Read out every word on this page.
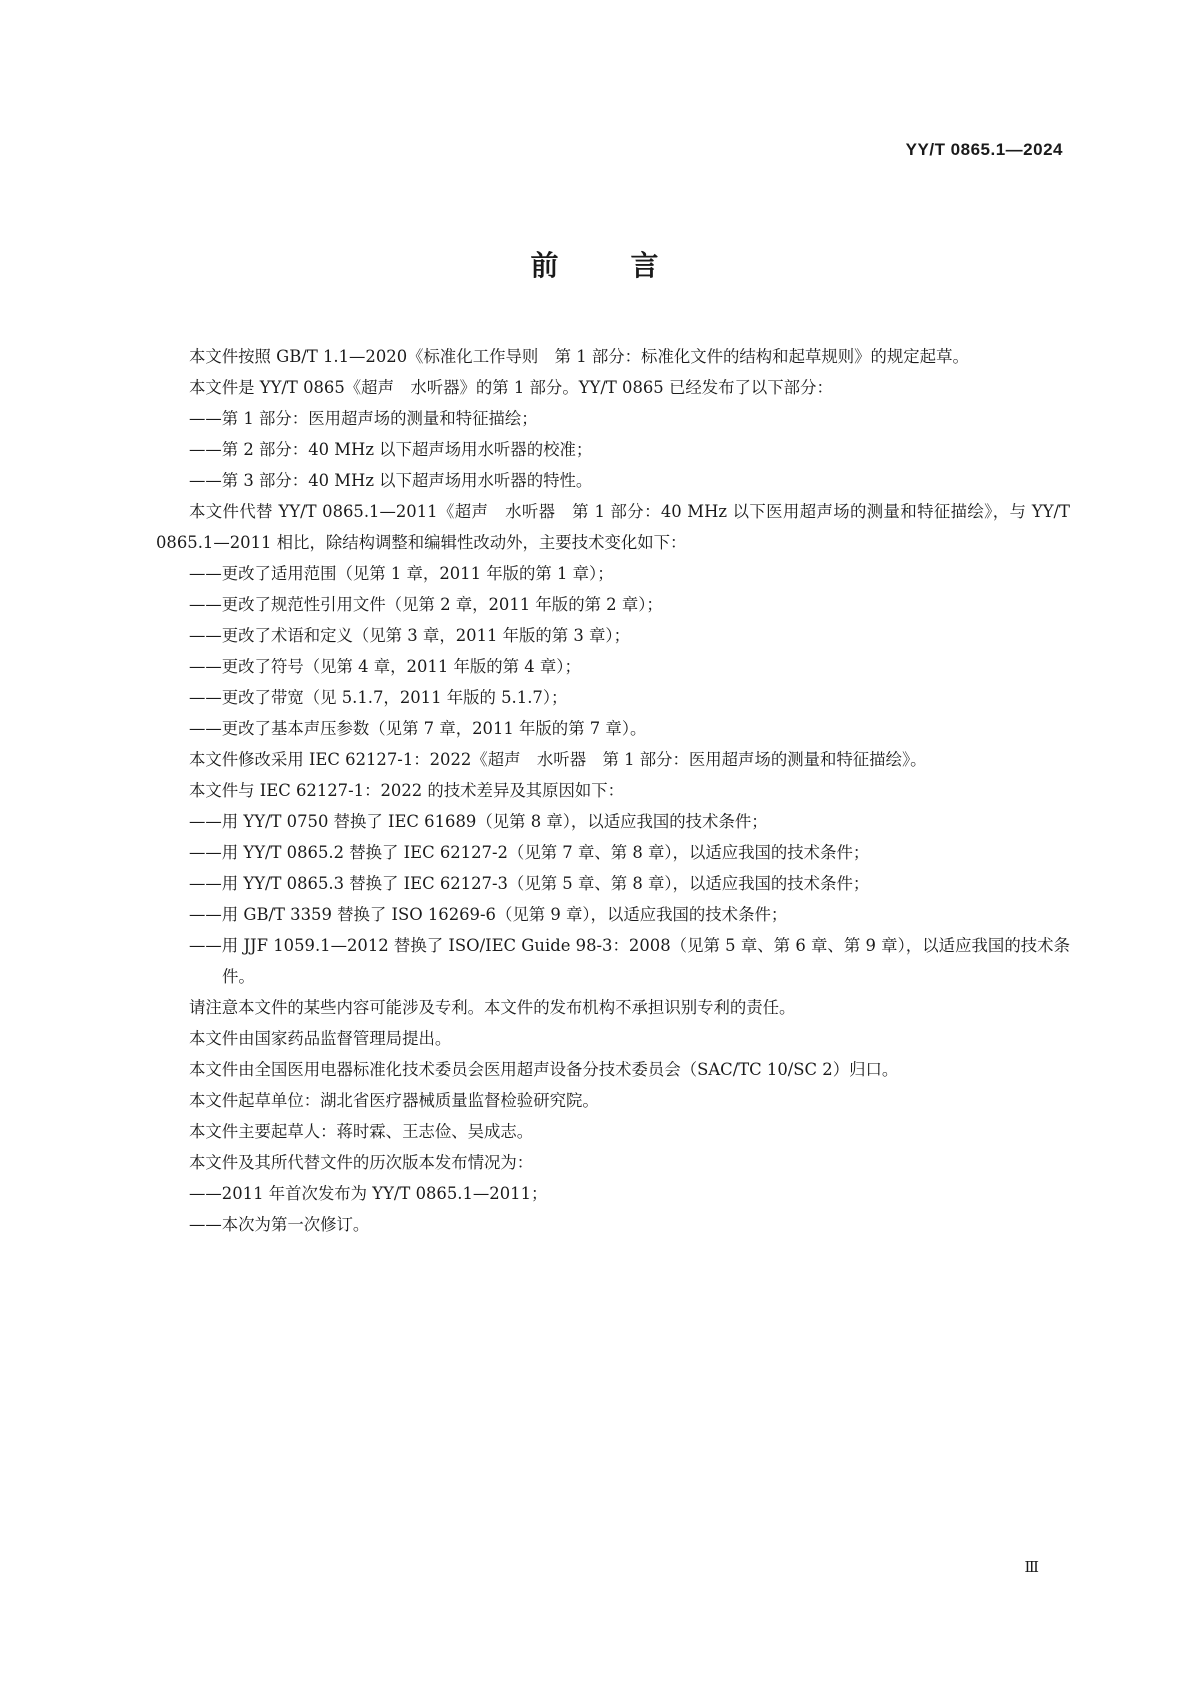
YY/T 0865.1—2024

前	言

本文件按照 GB/T 1.1—2020《标准化工作导则　第 1 部分：标准化文件的结构和起草规则》的规定起草。

本文件是 YY/T 0865《超声　水听器》的第 1 部分。YY/T 0865 已经发布了以下部分：

——第 1 部分：医用超声场的测量和特征描绘；

——第 2 部分：40 MHz 以下超声场用水听器的校准；

——第 3 部分：40 MHz 以下超声场用水听器的特性。

本文件代替 YY/T 0865.1—2011《超声　水听器　第 1 部分：40 MHz 以下医用超声场的测量和特征描绘》，与 YY/T 0865.1—2011 相比，除结构调整和编辑性改动外，主要技术变化如下：

——更改了适用范围（见第 1 章，2011 年版的第 1 章）；

——更改了规范性引用文件（见第 2 章，2011 年版的第 2 章）；

——更改了术语和定义（见第 3 章，2011 年版的第 3 章）；

——更改了符号（见第 4 章，2011 年版的第 4 章）；

——更改了带宽（见 5.1.7，2011 年版的 5.1.7）；

——更改了基本声压参数（见第 7 章，2011 年版的第 7 章）。

本文件修改采用 IEC 62127-1：2022《超声　水听器　第 1 部分：医用超声场的测量和特征描绘》。

本文件与 IEC 62127-1：2022 的技术差异及其原因如下：

——用 YY/T 0750 替换了 IEC 61689（见第 8 章），以适应我国的技术条件；

——用 YY/T 0865.2 替换了 IEC 62127-2（见第 7 章、第 8 章），以适应我国的技术条件；

——用 YY/T 0865.3 替换了 IEC 62127-3（见第 5 章、第 8 章），以适应我国的技术条件；

——用 GB/T 3359 替换了 ISO 16269-6（见第 9 章），以适应我国的技术条件；

——用 JJF 1059.1—2012 替换了 ISO/IEC Guide 98-3：2008（见第 5 章、第 6 章、第 9 章），以适应我国的技术条件。

请注意本文件的某些内容可能涉及专利。本文件的发布机构不承担识别专利的责任。

本文件由国家药品监督管理局提出。

本文件由全国医用电器标准化技术委员会医用超声设备分技术委员会（SAC/TC 10/SC 2）归口。

本文件起草单位：湖北省医疗器械质量监督检验研究院。

本文件主要起草人：蒋时霖、王志俭、吴成志。

本文件及其所代替文件的历次版本发布情况为：

——2011 年首次发布为 YY/T 0865.1—2011；

——本次为第一次修订。

Ⅲ
